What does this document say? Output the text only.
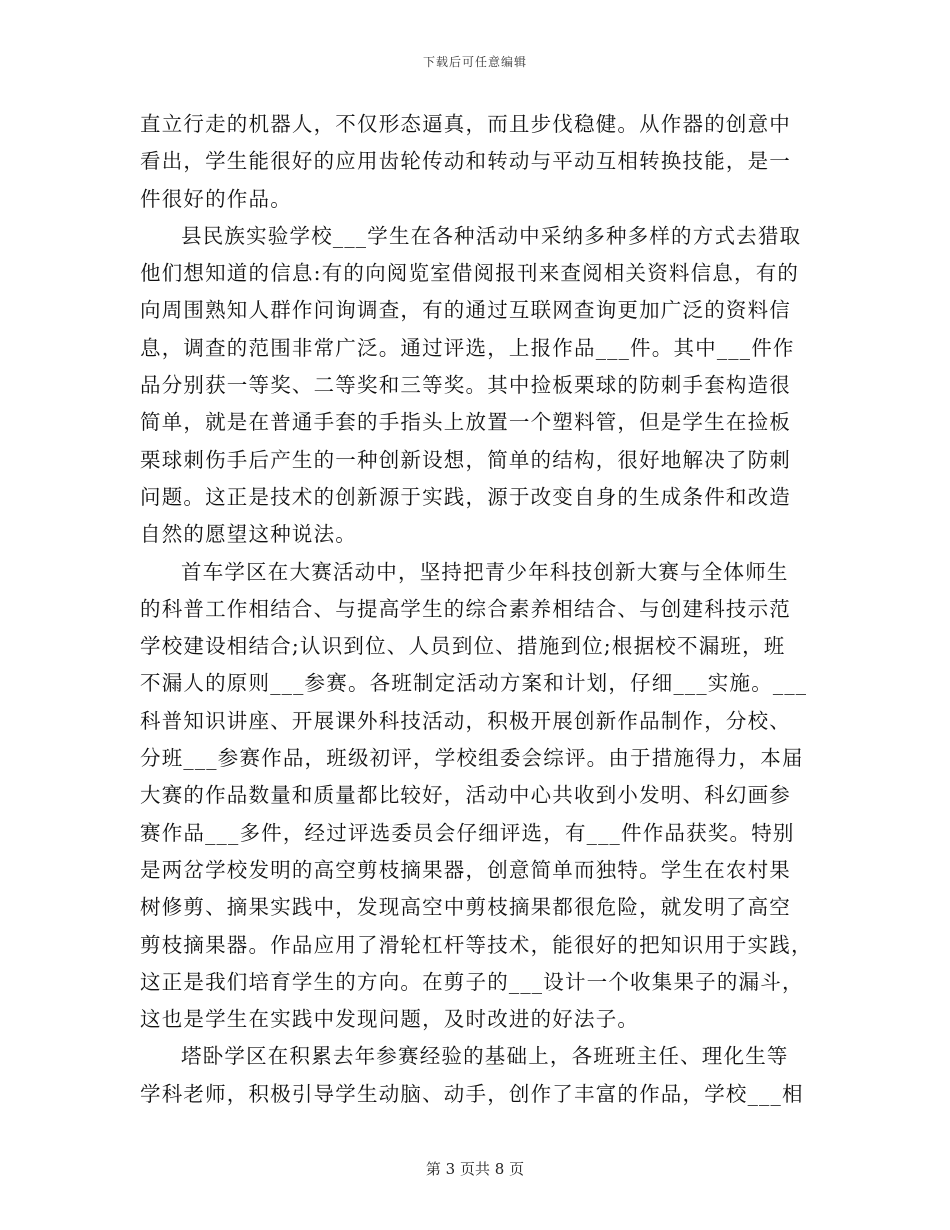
下载后可任意编辑
直立行走的机器人，不仅形态逼真，而且步伐稳健。从作器的创意中
看出，学生能很好的应用齿轮传动和转动与平动互相转换技能，是一
件很好的作品。
县民族实验学校___学生在各种活动中采纳多种多样的方式去猎取
他们想知道的信息:有的向阅览室借阅报刊来查阅相关资料信息，有的
向周围熟知人群作问询调查，有的通过互联网查询更加广泛的资料信
息，调查的范围非常广泛。通过评选，上报作品___件。其中___件作
品分别获一等奖、二等奖和三等奖。其中捡板栗球的防刺手套构造很
简单，就是在普通手套的手指头上放置一个塑料管，但是学生在捡板
栗球刺伤手后产生的一种创新设想，简单的结构，很好地解决了防刺
问题。这正是技术的创新源于实践，源于改变自身的生成条件和改造
自然的愿望这种说法。
首车学区在大赛活动中，坚持把青少年科技创新大赛与全体师生
的科普工作相结合、与提高学生的综合素养相结合、与创建科技示范
学校建设相结合;认识到位、人员到位、措施到位;根据校不漏班，班
不漏人的原则___参赛。各班制定活动方案和计划，仔细___实施。___
科普知识讲座、开展课外科技活动，积极开展创新作品制作，分校、
分班___参赛作品，班级初评，学校组委会综评。由于措施得力，本届
大赛的作品数量和质量都比较好，活动中心共收到小发明、科幻画参
赛作品___多件，经过评选委员会仔细评选，有___件作品获奖。特别
是两岔学校发明的高空剪枝摘果器，创意简单而独特。学生在农村果
树修剪、摘果实践中，发现高空中剪枝摘果都很危险，就发明了高空
剪枝摘果器。作品应用了滑轮杠杆等技术，能很好的把知识用于实践，
这正是我们培育学生的方向。在剪子的___设计一个收集果子的漏斗，
这也是学生在实践中发现问题，及时改进的好法子。
塔卧学区在积累去年参赛经验的基础上，各班班主任、理化生等
学科老师，积极引导学生动脑、动手，创作了丰富的作品，学校___相
第 3 页共 8 页
